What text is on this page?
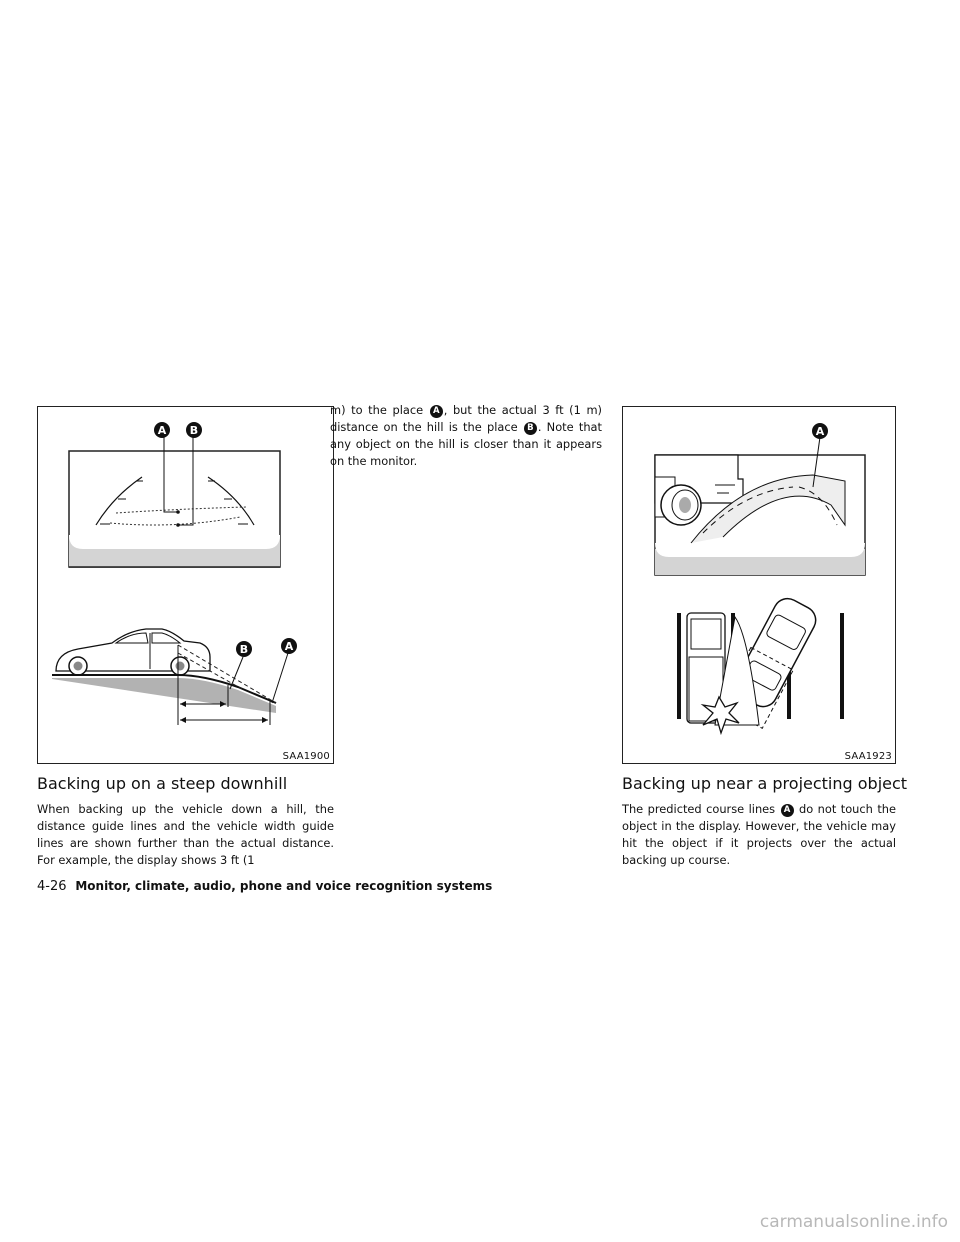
A B
B	A
SAA1900
Backing up on a steep downhill

When backing up the vehicle down a hill, the distance guide lines and the vehicle width guide lines are shown further than the actual distance. For example, the display shows 3 ft (1

m) to the place A , but the actual 3 ft (1 m) distance on the hill is the place B . Note that any object on the hill is closer than it appears on the monitor.

A
SAA1923
Backing up near a projecting object

The predicted course lines A do not touch the object in the display. However, the vehicle may hit the object if it projects over the actual backing up course.

4-26 Monitor, climate, audio, phone and voice recognition systems
carmanualsonline.info
